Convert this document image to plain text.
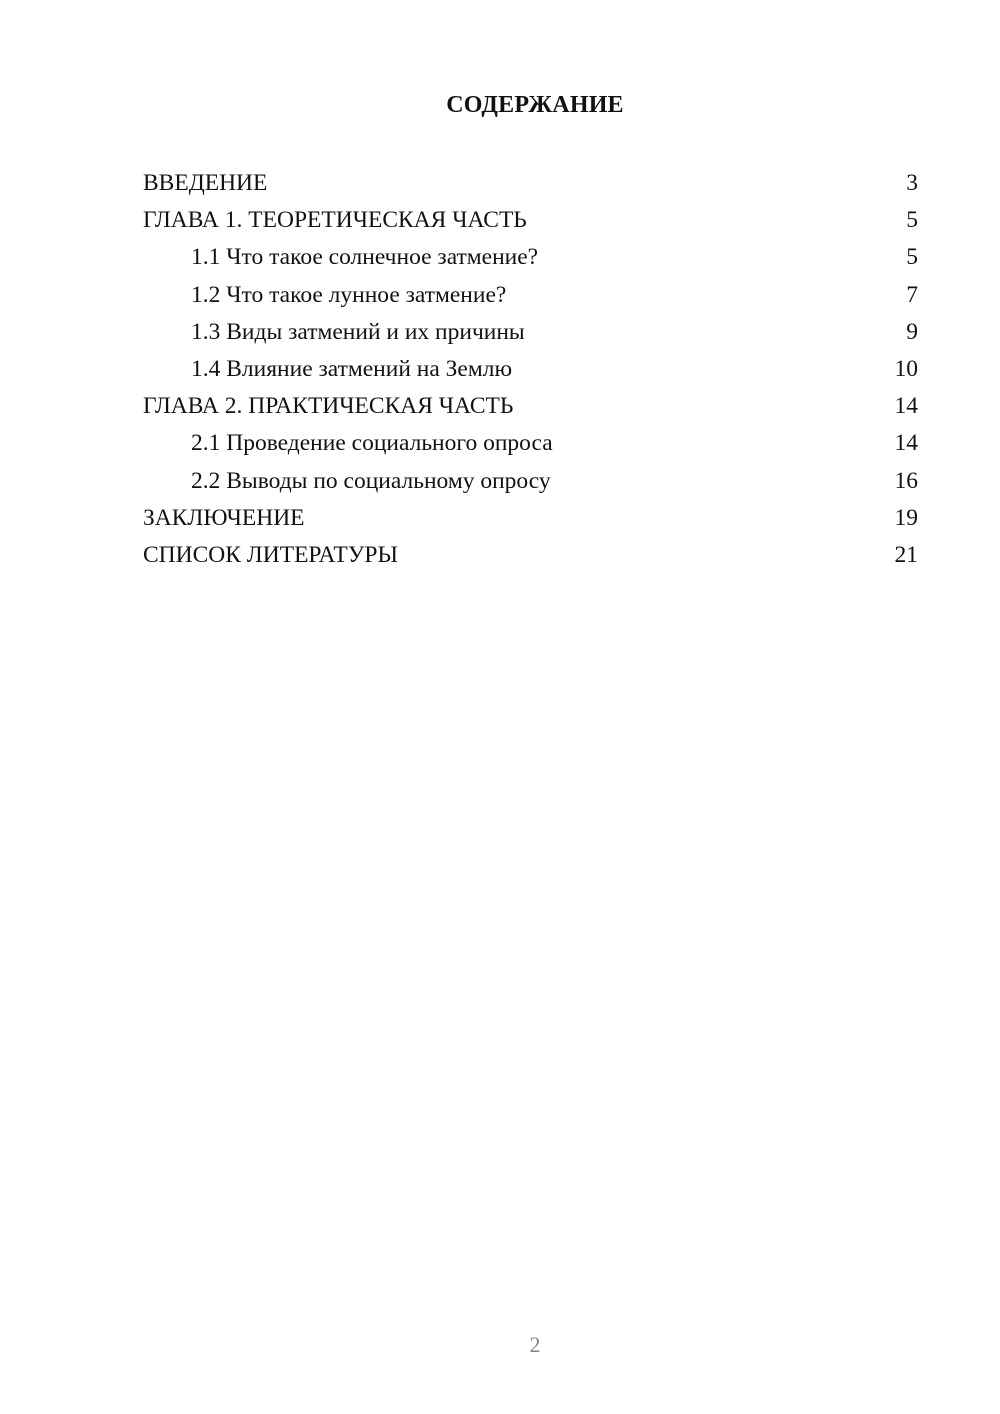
СОДЕРЖАНИЕ
ВВЕДЕНИЕ	3
ГЛАВА 1. ТЕОРЕТИЧЕСКАЯ ЧАСТЬ	5
1.1 Что такое солнечное затмение?	5
1.2 Что такое лунное затмение?	7
1.3 Виды затмений и их причины	9
1.4 Влияние затмений на Землю	10
ГЛАВА 2. ПРАКТИЧЕСКАЯ ЧАСТЬ	14
2.1 Проведение социального опроса	14
2.2 Выводы по социальному опросу	16
ЗАКЛЮЧЕНИЕ	19
СПИСОК ЛИТЕРАТУРЫ	21
2
